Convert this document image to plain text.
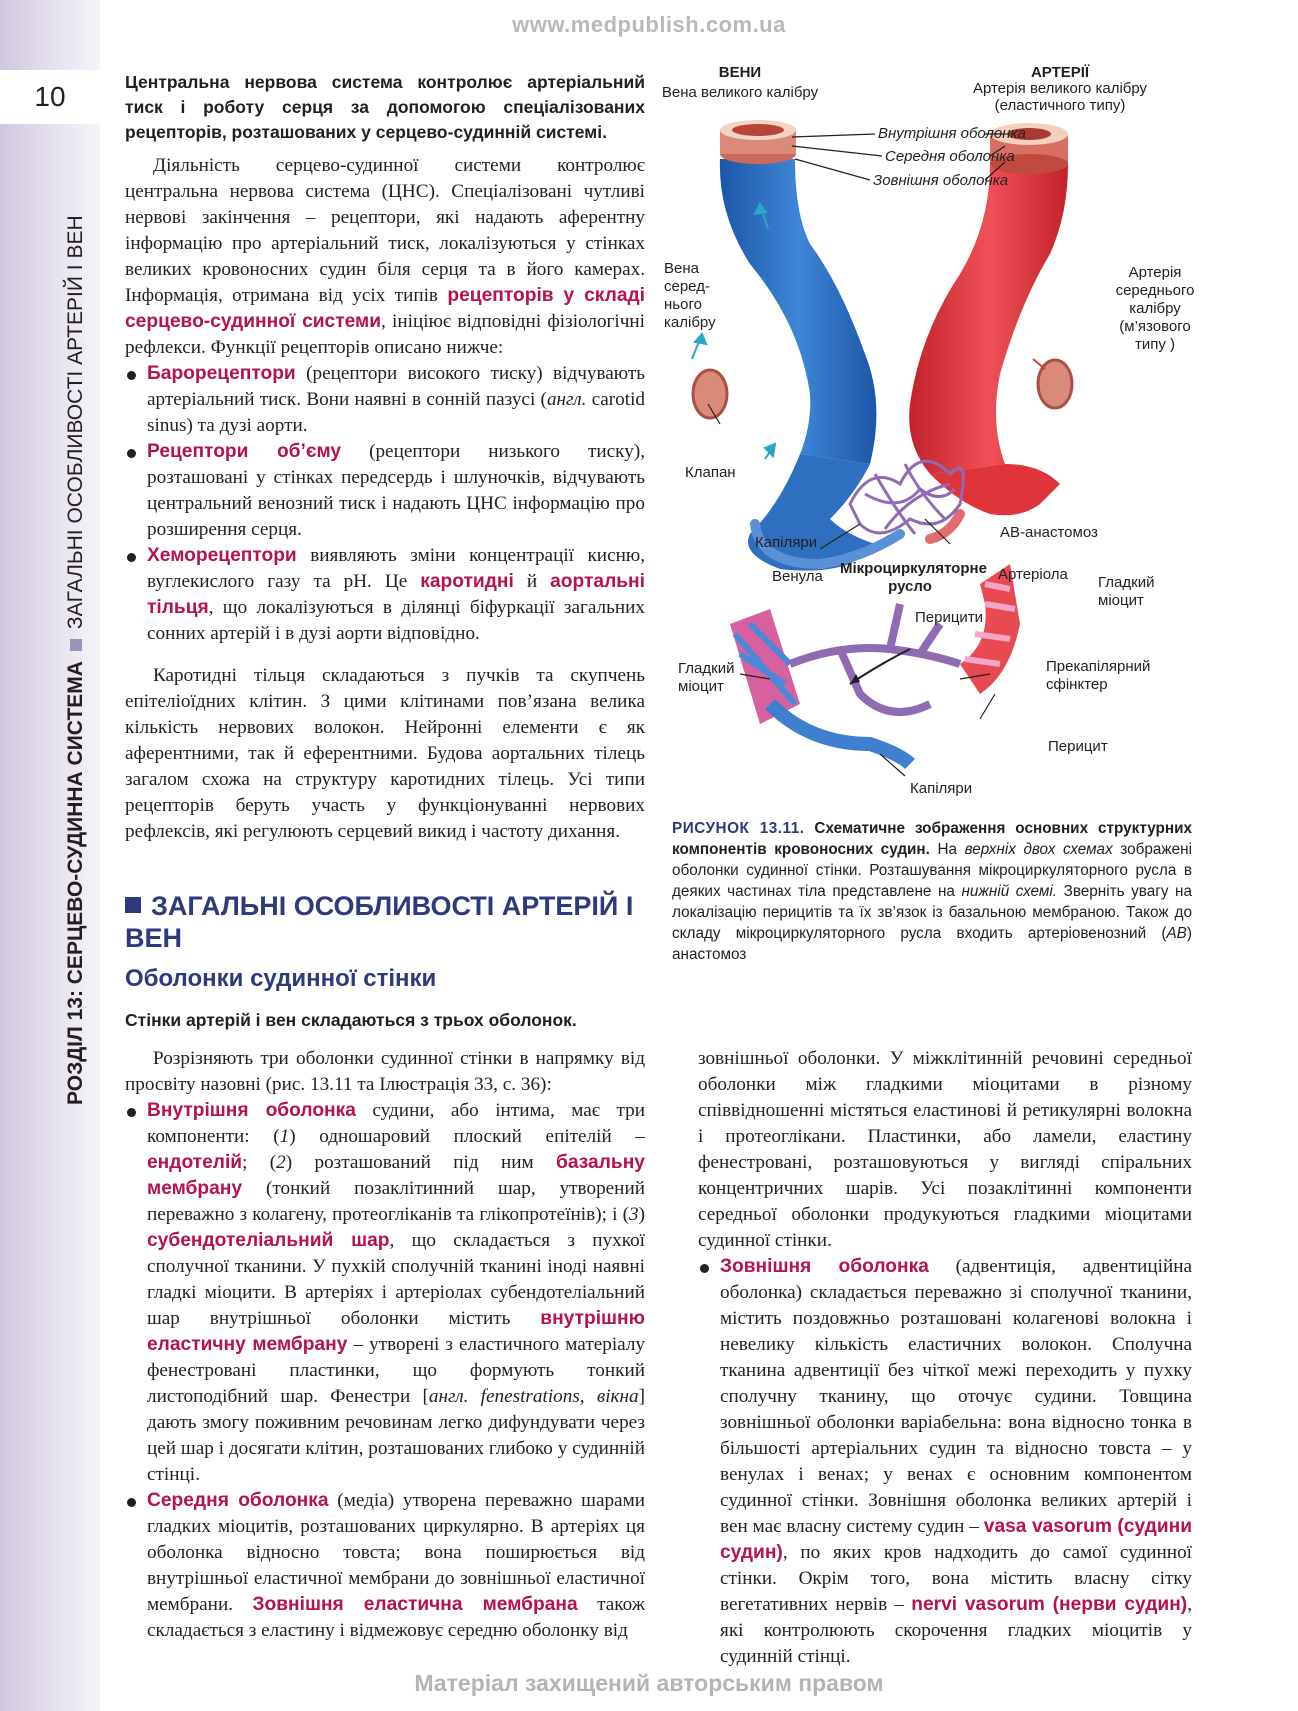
www.medpublish.com.ua
10
РОЗДІЛ 13: СЕРЦЕВО-СУДИННА СИСТЕМАЗАГАЛЬНІ ОСОБЛИВОСТІ АРТЕРІЙ І ВЕН

Центральна нервова система контролює артеріальний тиск і роботу серця за допомогою спеціалізованих рецепторів, розташованих у серцево-судинній системі.

Діяльність серцево-судинної системи контролює центральна нервова система (ЦНС). Спеціалізовані чутливі нервові закінчення – рецептори, які надають аферентну інформацію про артеріальний тиск, локалізуються у стінках великих кровоносних судин біля серця та в його камерах. Інформація, отримана від усіх типів рецепторів у складі серцево-судинної системи, ініціює відповідні фізіологічні рефлекси. Функції рецепторів описано нижче:

Барорецептори (рецептори високого тиску) відчувають артеріальний тиск. Вони наявні в сонній пазусі (англ. carotid sinus) та дузі аорти.
Рецептори об’єму (рецептори низького тиску), розташовані у стінках передсердь і шлуночків, відчувають центральний венозний тиск і надають ЦНС інформацію про розширення серця.
Хеморецептори виявляють зміни концентрації кисню, вуглекислого газу та pH. Це каротидні й аортальні тільця, що локалізуються в ділянці біфуркації загальних сонних артерій і в дузі аорти відповідно.

Каротидні тільця складаються з пучків та скупчень епітеліоїдних клітин. З цими клітинами пов’язана велика кількість нервових волокон. Нейронні елементи є як аферентними, так й еферентними. Будова аортальних тілець загалом схожа на структуру каротидних тілець. Усі типи рецепторів беруть участь у функціонуванні нервових рефлексів, які регулюють серцевий викид і частоту дихання.

ЗАГАЛЬНІ ОСОБЛИВОСТІ АРТЕРІЙ І ВЕН
Оболонки судинної стінки
Стінки артерій і вен складаються з трьох оболонок.

Розрізняють три оболонки судинної стінки в напрямку від просвіту назовні (рис. 13.11 та Ілюстрація 33, с. 36):

Внутрішня оболонка судини, або інтима, має три компоненти: (1) одношаровий плоский епітелій – ендотелій; (2) розташований під ним базальну мембрану (тонкий позаклітинний шар, утворений переважно з колагену, протеогліканів та глікопротеїнів); і (3) субендотеліальний шар, що складається з пухкої сполучної тканини. У пухкій сполучній тканині іноді наявні гладкі міоцити. В артеріях і артеріолах субендотеліальний шар внутрішньої оболонки містить внутрішню еластичну мембрану – утворені з еластичного матеріалу фенестровані пластинки, що формують тонкий листоподібний шар. Фенестри [англ. fenestrations, вікна] дають змогу поживним речовинам легко дифундувати через цей шар і досягати клітин, розташованих глибоко у судинній стінці.
Середня оболонка (медіа) утворена переважно шарами гладких міоцитів, розташованих циркулярно. В артеріях ця оболонка відносно товста; вона поширюється від внутрішньої еластичної мембрани до зовнішньої еластичної мембрани. Зовнішня еластична мембрана також складається з еластину і відмежовує середню оболонку від

зовнішньої оболонки. У міжклітинній речовині середньої оболонки між гладкими міоцитами в різному співвідношенні містяться еластинові й ретикулярні волокна і протеоглікани. Пластинки, або ламели, еластину фенестровані, розташовуються у вигляді спіральних концентричних шарів. Усі позаклітинні компоненти середньої оболонки продукуються гладкими міоцитами судинної стінки.

Зовнішня оболонка (адвентиція, адвентиційна оболонка) складається переважно зі сполучної тканини, містить поздовжньо розташовані колагенові волокна і невелику кількість еластичних волокон. Сполучна тканина адвентиції без чіткої межі переходить у пухку сполучну тканину, що оточує судини. Товщина зовнішньої оболонки варіабельна: вона відносно тонка в більшості артеріальних судин та відносно товста – у венулах і венах; у венах є основним компонентом судинної стінки. Зовнішня оболонка великих артерій і вен має власну систему судин – vasa vasorum (судини судин), по яких кров надходить до самої судинної стінки. Окрім того, вона містить власну сітку вегетативних нервів – nervi vasorum (нерви судин), які контролюють скорочення гладких міоцитів у судинній стінці.
ВЕНИ
Вена великого калібру
АРТЕРІЇ
Артерія великого калібру
(еластичного типу)
Внутрішня оболонка
Середня оболонка
Зовнішня оболонка
Вена
серед-
нього
калібру
Артерія
середнього
калібру
(м’язового
типу )
Клапан
Капіляри
АВ-анастомоз
Мікроциркуляторне
русло
Венула	Артеріола Гладкий
міоцит
Перицити
Гладкий
міоцит
Прекапілярний
сфінктер
Перицит
Капіляри
РИСУНОК 13.11. Схематичне зображення основних структурних компонентів кровоносних судин. На верхніх двох схемах зображені оболонки судинної стінки. Розташування мікроциркуляторного русла в деяких частинах тіла представлене на нижній схемі. Зверніть увагу на локалізацію перицитів та їх зв’язок із базальною мембраною. Також до складу мікроциркуляторного русла входить артеріовенозний (АВ) анастомоз
Матеріал захищений авторським правом
